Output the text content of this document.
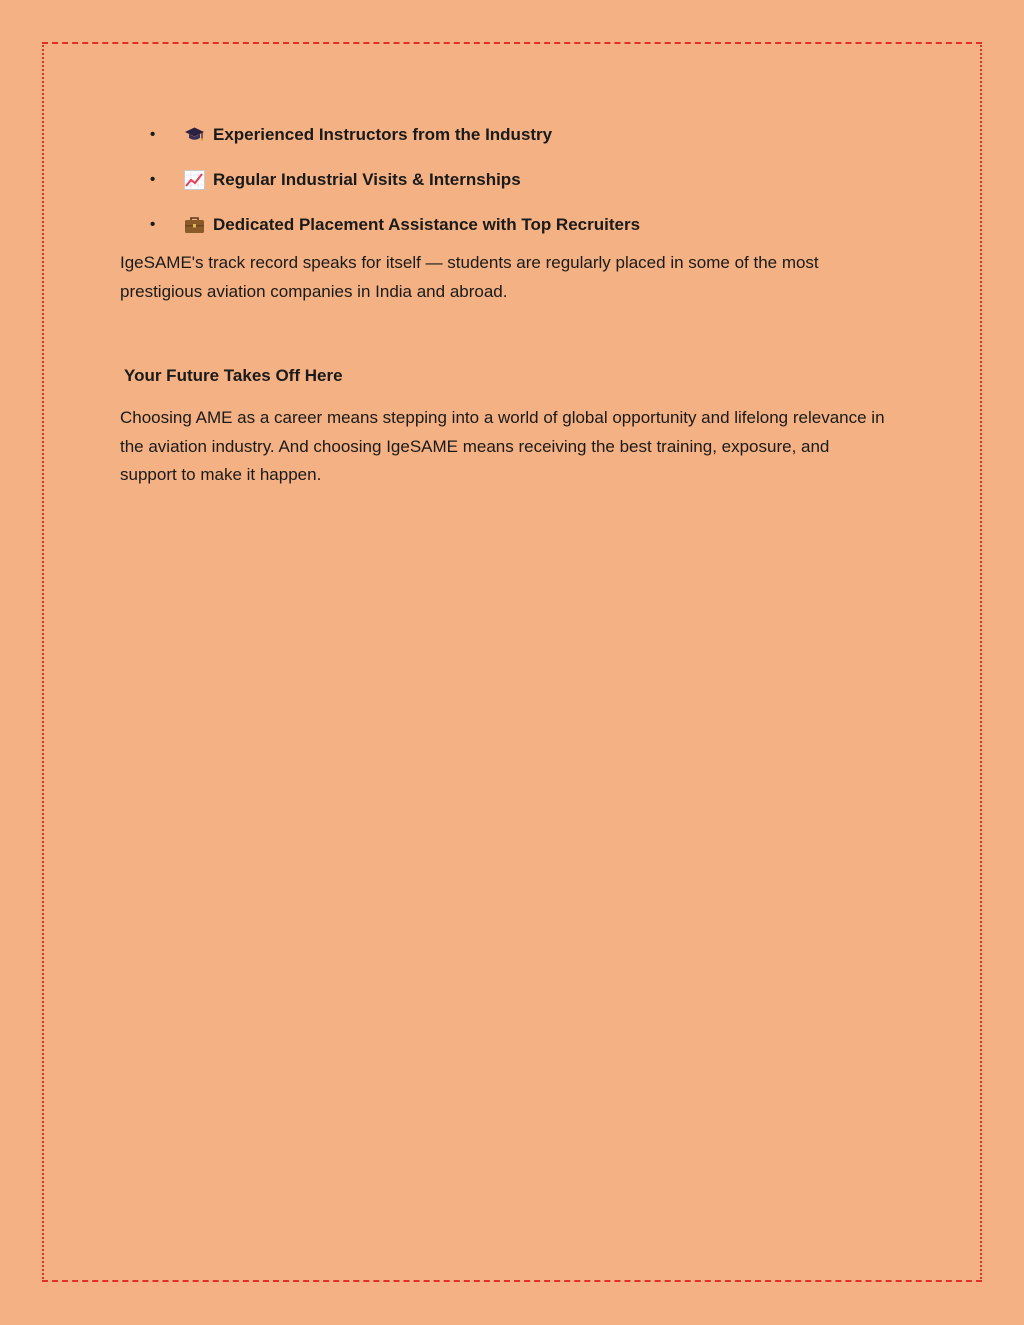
•	Experienced Instructors from the Industry
•	Regular Industrial Visits & Internships
•	Dedicated Placement Assistance with Top Recruiters

IgeSAME's track record speaks for itself — students are regularly placed in some of the most prestigious aviation companies in India and abroad.

Your Future Takes Off Here

Choosing AME as a career means stepping into a world of global opportunity and lifelong relevance in the aviation industry. And choosing IgeSAME means receiving the best training, exposure, and support to make it happen.
